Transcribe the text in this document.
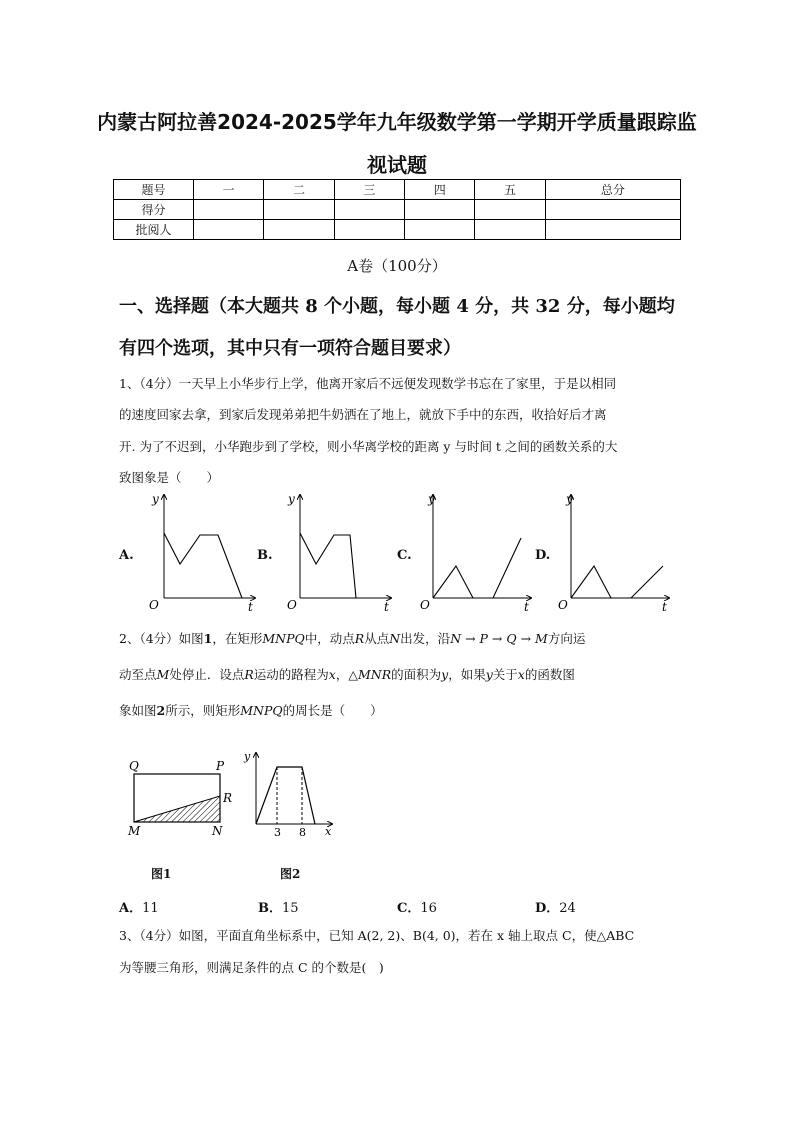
内蒙古阿拉善2024-2025学年九年级数学第一学期开学质量跟踪监
视试题
题号	一	二	三	四	五	总分
得分						
批阅人						
A卷（100分）
一、选择题（本大题共 8 个小题，每小题 4 分，共 32 分，每小题均
有四个选项，其中只有一项符合题目要求）
1、（4分）一天早上小华步行上学，他离开家后不远便发现数学书忘在了家里，于是以相同
的速度回家去拿，到家后发现弟弟把牛奶洒在了地上，就放下手中的东西，收拾好后才离
开. 为了不迟到，小华跑步到了学校，则小华离学校的距离 y 与时间 t 之间的函数关系的大
致图象是（　　）
A.	B.	C.	D.
y
t
O
y
t
O
y
t
O
y
t
O
2、（4分）如图1，在矩形MNPQ中，动点R从点N出发，沿N → P → Q → M方向运
动至点M处停止．设点R运动的路程为x，△MNR的面积为y，如果y关于x的函数图
象如图2所示，则矩形MNPQ的周长是（　　）
Q	P
R
M	N
y
x
3 8
图1	图2
A．11	B．15	C．16	D．24
3、（4分）如图，平面直角坐标系中，已知 A(2, 2)、B(4, 0)，若在 x 轴上取点 C，使△ABC
为等腰三角形，则满足条件的点 C 的个数是(　)
